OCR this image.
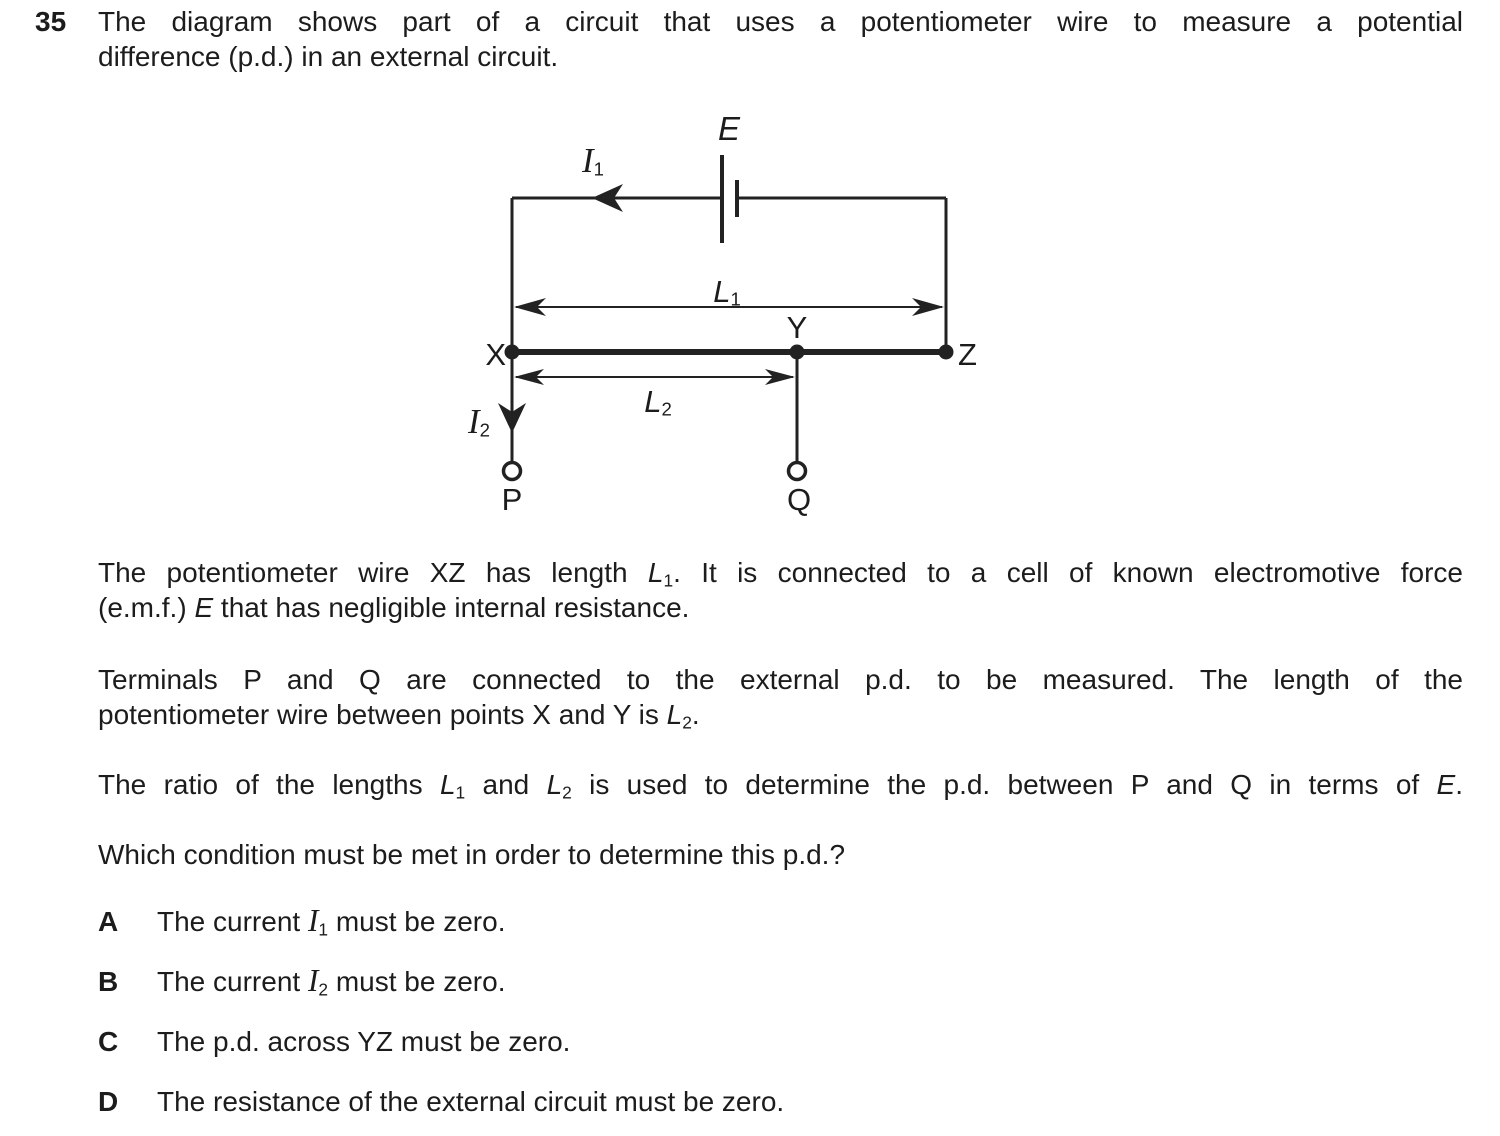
35 The diagram shows part of a circuit that uses a potentiometer wire to measure a potential
difference (p.d.) in an external circuit.
E
$I_1$
$L_1$
X
Y
Z
$L_2$
$I_2$
P	Q
The potentiometer wire XZ has length $L_1$. It is connected to a cell of known electromotive force
(e.m.f.) E that has negligible internal resistance.
Terminals P and Q are connected to the external p.d. to be measured. The length of the
potentiometer wire between points X and Y is $L_2$.
The ratio of the lengths $L_1$ and $L_2$ is used to determine the p.d. between P and Q in terms of E.
Which condition must be met in order to determine this p.d.?
A The current $I_1$ must be zero.
B The current $I_2$ must be zero.
C The p.d. across YZ must be zero.
D The resistance of the external circuit must be zero.
